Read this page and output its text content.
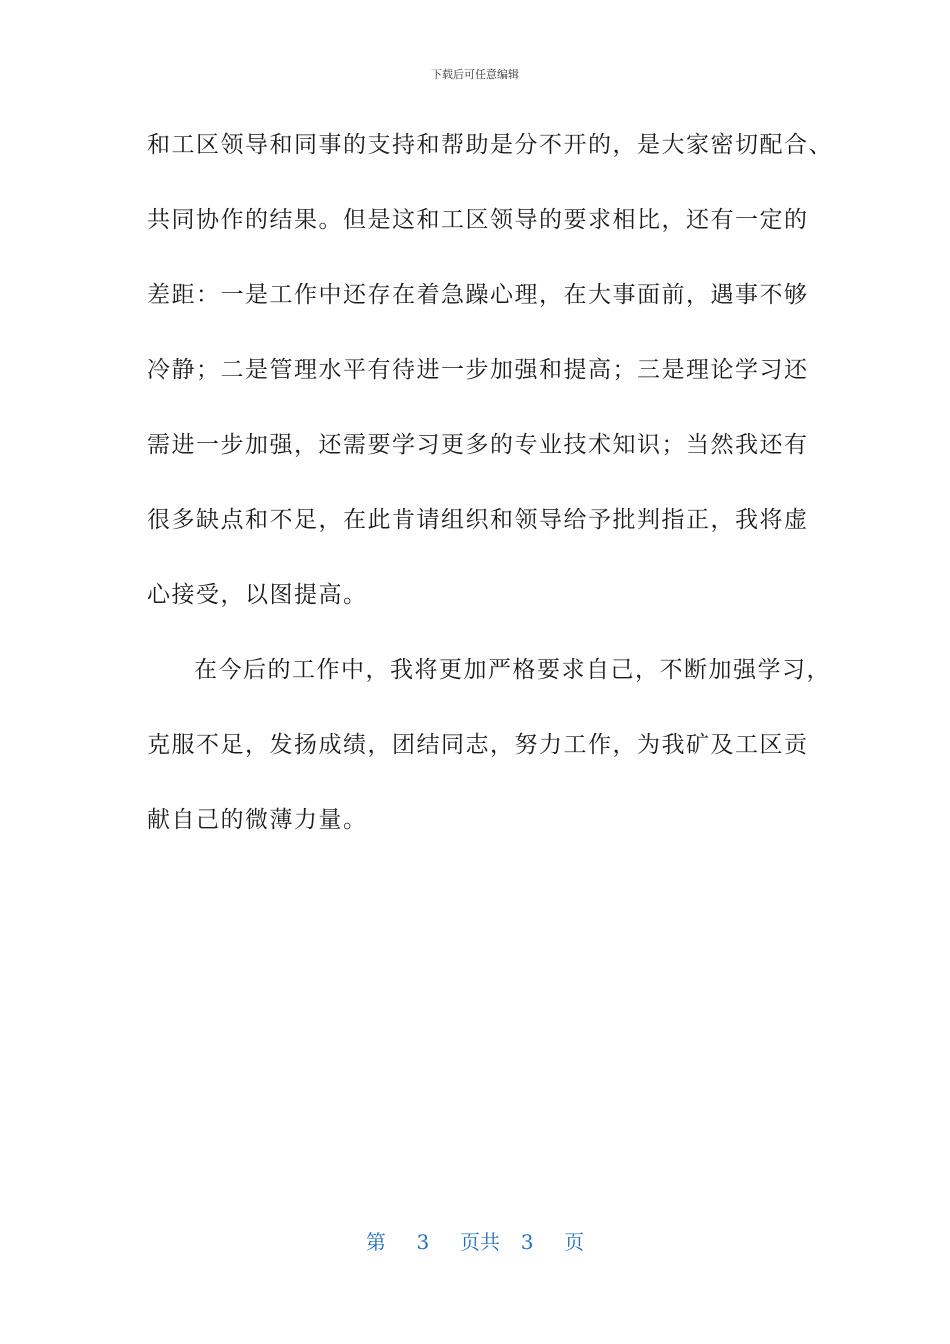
下载后可任意编辑
和工区领导和同事的支持和帮助是分不开的，是大家密切配合、
共同协作的结果。但是这和工区领导的要求相比，还有一定的
差距：一是工作中还存在着急躁心理，在大事面前，遇事不够
冷静；二是管理水平有待进一步加强和提高；三是理论学习还
需进一步加强，还需要学习更多的专业技术知识；当然我还有
很多缺点和不足，在此肯请组织和领导给予批判指正，我将虚
心接受，以图提高。
在今后的工作中，我将更加严格要求自己，不断加强学习，
克服不足，发扬成绩，团结同志，努力工作，为我矿及工区贡
献自己的微薄力量。
第 3 页共 3 页
